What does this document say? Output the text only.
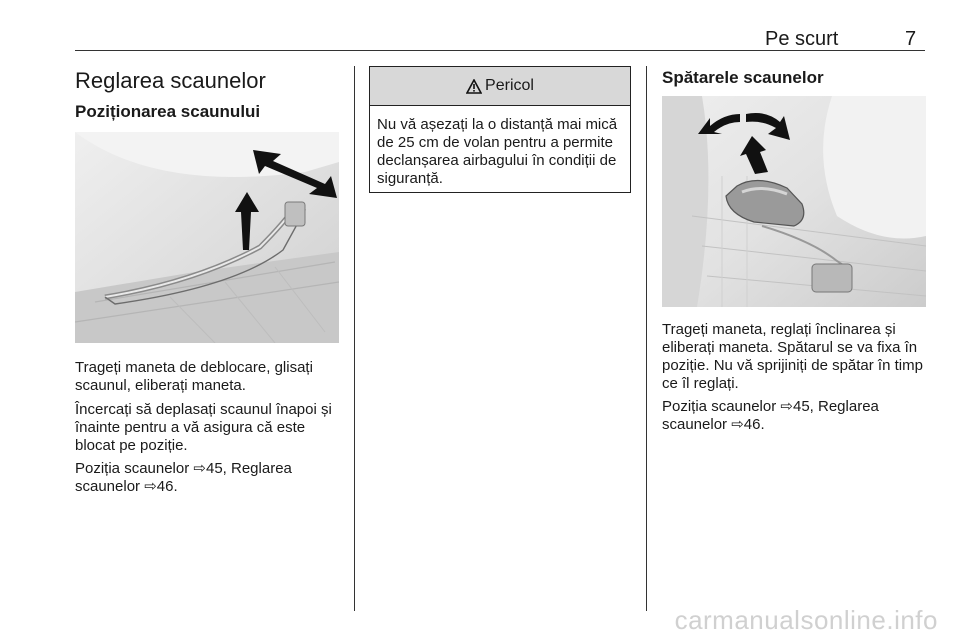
Pe scurt	7
Reglarea scaunelor
Poziționarea scaunului

Trageți maneta de deblocare, glisați scaunul, eliberați maneta.

Încercați să deplasați scaunul înapoi și înainte pentru a vă asigura că este blocat pe poziție.

Poziția scaunelor ⇨45, Reglarea scaunelor ⇨46.

Pericol
Nu vă așezați la o distanță mai mică de 25 cm de volan pentru a permite declanșarea airbagului în condiții de siguranță.
Spătarele scaunelor

Trageți maneta, reglați înclinarea și eliberați maneta. Spătarul se va fixa în poziție. Nu vă sprijiniți de spătar în timp ce îl reglați.

Poziția scaunelor ⇨45, Reglarea scaunelor ⇨46.

carmanualsonline.info
